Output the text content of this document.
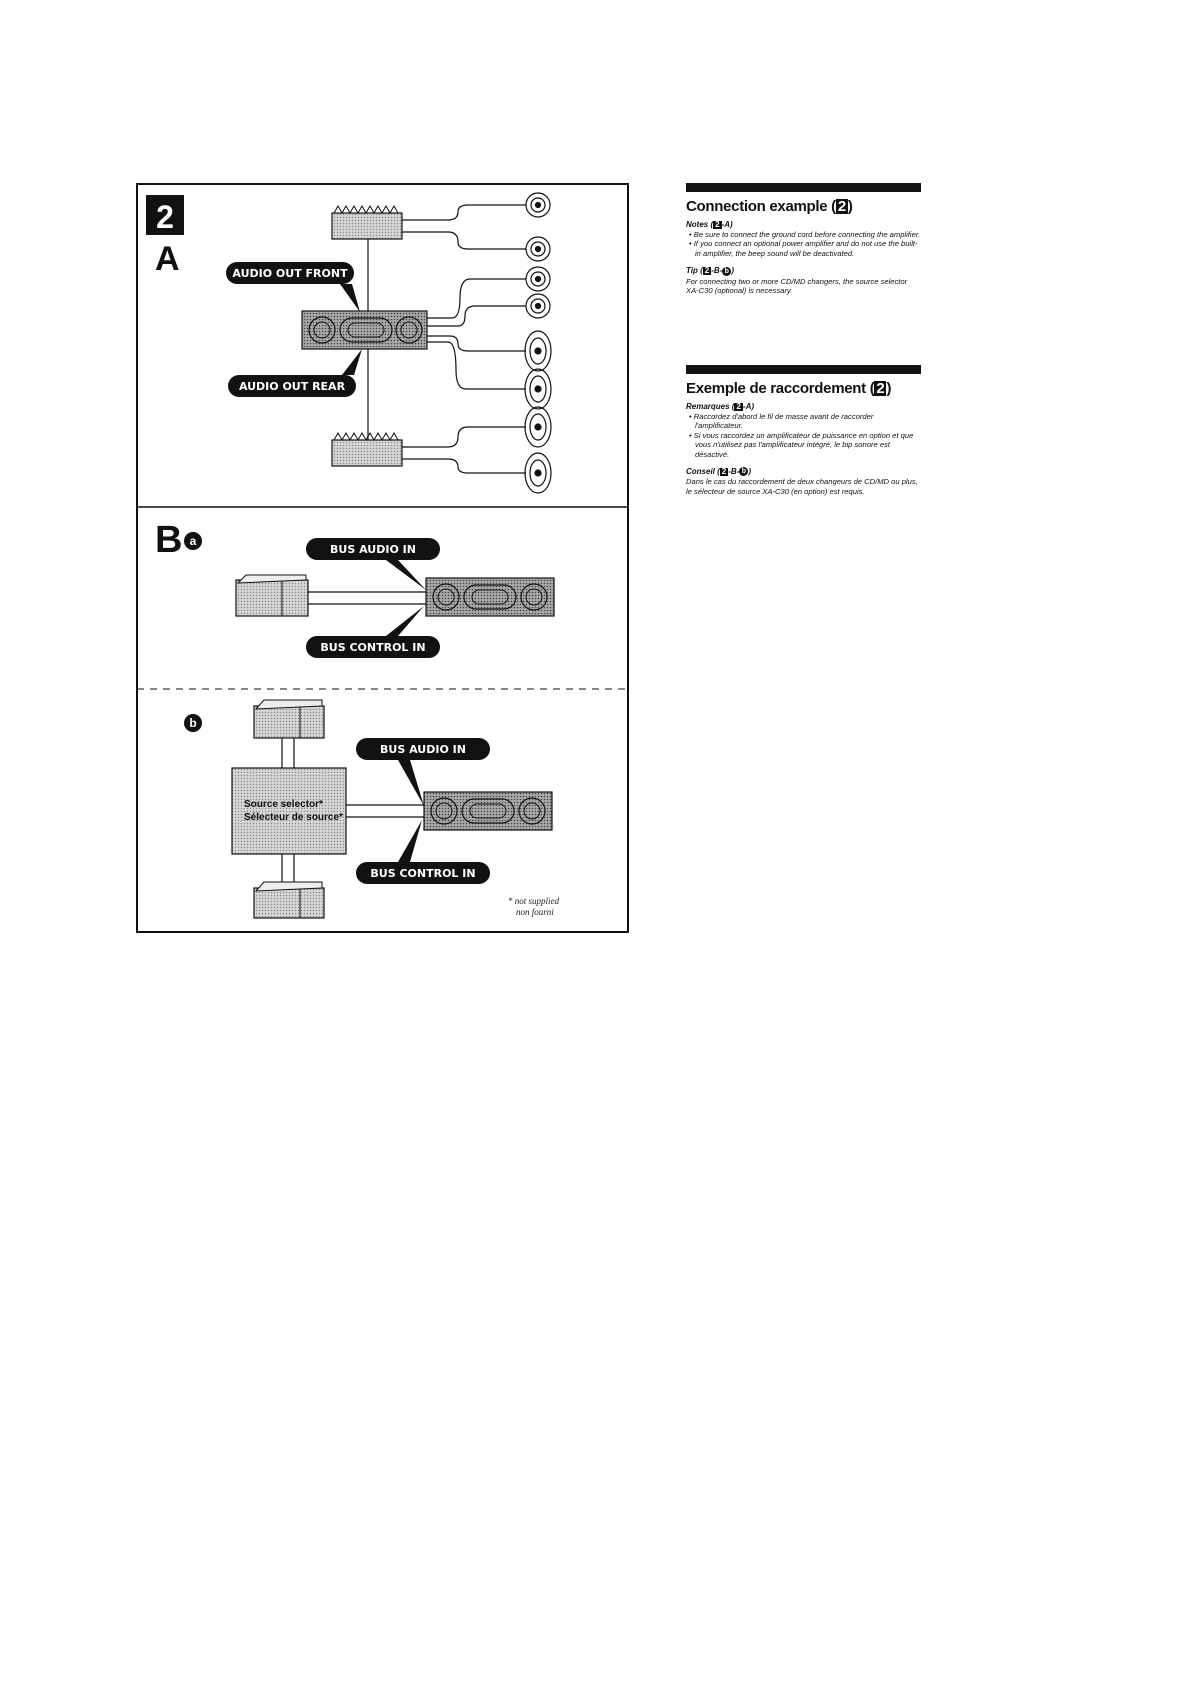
2
A
B a
b
AUDIO OUT FRONT
AUDIO OUT REAR
BUS AUDIO IN
BUS CONTROL IN
Source selector*
Sélecteur de source*
BUS AUDIO IN
BUS CONTROL IN
* not supplied
non fourni
Connection example ( 2 )
Notes ( 2 -A)
• Be sure to connect the ground cord before connecting the amplifier.
• If you connect an optional power amplifier and do not use the built-in amplifier, the beep sound will be deactivated.
Tip ( 2 -B- b )

For connecting two or more CD/MD changers, the source selector XA-C30 (optional) is necessary.

Exemple de raccordement ( 2 )
Remarques ( 2 -A)
• Raccordez d'abord le fil de masse avant de raccorder l'amplificateur.
• Si vous raccordez un amplificateur de puissance en option et que vous n'utilisez pas l'amplificateur intégré, le bip sonore est désactivé.
Conseil ( 2 -B- b )

Dans le cas du raccordement de deux changeurs de CD/MD ou plus, le sélecteur de source XA-C30 (en option) est requis.
